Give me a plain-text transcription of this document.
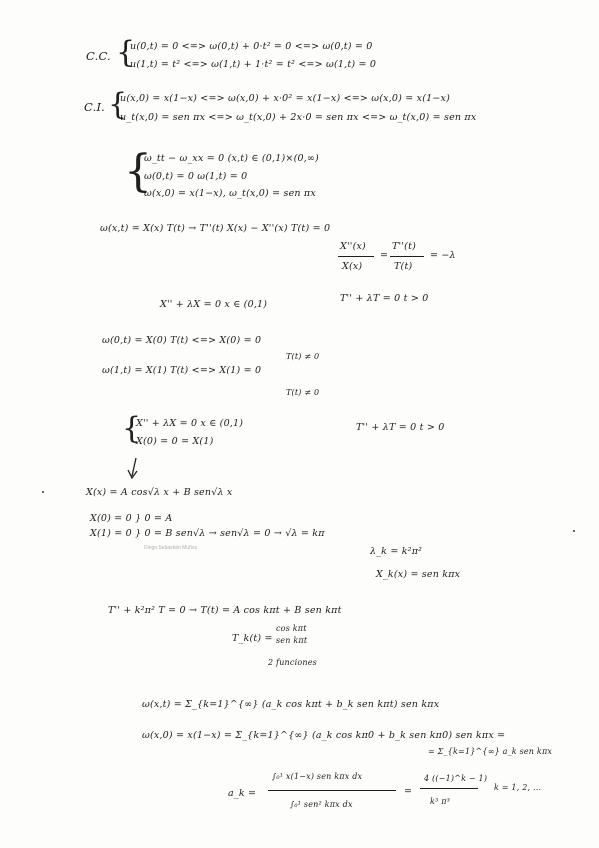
C.C. {
u(0,t) = 0 <=> ω(0,t) + 0·t² = 0 <=> ω(0,t) = 0
u(1,t) = t² <=> ω(1,t) + 1·t² = t² <=> ω(1,t) = 0
C.I. {
u(x,0) = x(1−x) <=> ω(x,0) + x·0² = x(1−x) <=> ω(x,0) = x(1−x)
u_t(x,0) = sen πx <=> ω_t(x,0) + 2x·0 = sen πx <=> ω_t(x,0) = sen πx
{
ω_tt − ω_xx = 0 (x,t) ∈ (0,1)×(0,∞)
ω(0,t) = 0 ω(1,t) = 0
ω(x,0) = x(1−x), ω_t(x,0) = sen πx
ω(x,t) = X(x) T(t) → T''(t) X(x) − X''(x) T(t) = 0
X''(x)
X(x)
=
T''(t)
T(t)
= −λ
X'' + λX = 0 x ∈ (0,1)
T'' + λT = 0 t > 0
ω(0,t) = X(0) T(t) <=> X(0) = 0
T(t) ≠ 0
ω(1,t) = X(1) T(t) <=> X(1) = 0
T(t) ≠ 0
{
X'' + λX = 0 x ∈ (0,1)
X(0) = 0 = X(1)
T'' + λT = 0 t > 0
X(x) = A cos√λ x + B sen√λ x
X(0) = 0 } 0 = A
X(1) = 0 } 0 = B sen√λ → sen√λ = 0 → √λ = kπ
Diego Sebastián Muñoz	λ_k = k²π²
X_k(x) = sen kπx
T'' + k²π² T = 0 → T(t) = A cos kπt + B sen kπt
cos kπt
T_k(t) = sen kπt
2 funciones
ω(x,t) = Σ_{k=1}^{∞} (a_k cos kπt + b_k sen kπt) sen kπx
ω(x,0) = x(1−x) = Σ_{k=1}^{∞} (a_k cos kπ0 + b_k sen kπ0) sen kπx =
= Σ_{k=1}^{∞} a_k sen kπx
a_k =
∫₀¹ x(1−x) sen kπx dx
∫₀¹ sen² kπx dx
=
4 ((−1)^k − 1)
k³ π³
k = 1, 2, ...
